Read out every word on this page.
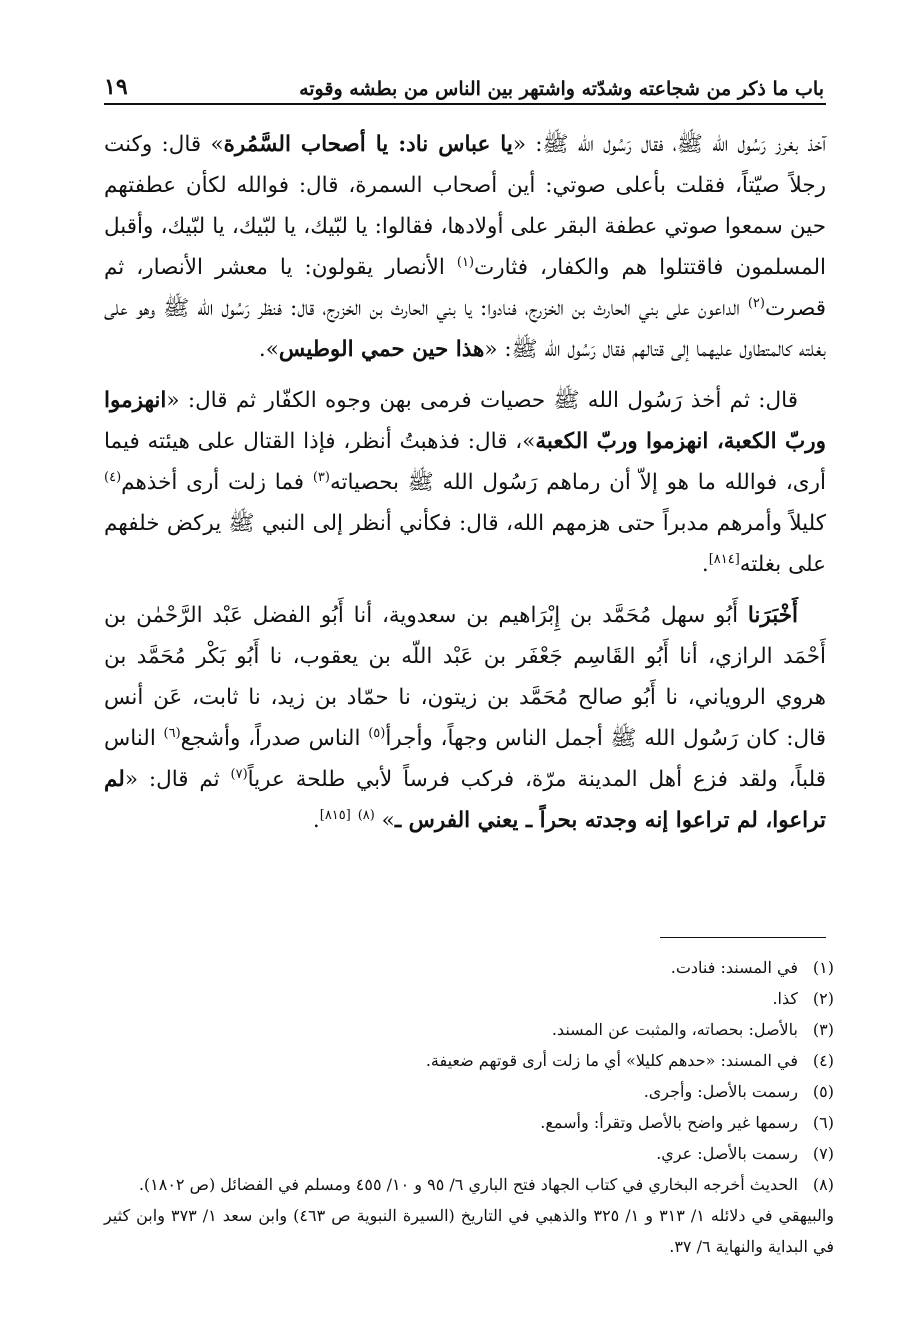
باب ما ذكر من شجاعته وشدّته واشتهر بين الناس من بطشه وقوته
١٩

آخذ بغرز رَسُول الله ﷺ، فقال رَسُول الله ﷺ: «يا عباس ناد: يا أصحاب السَّمُرة» قال: وكنت رجلاً صيّتاً، فقلت بأعلى صوتي: أين أصحاب السمرة، قال: فوالله لكأن عطفتهم حين سمعوا صوتي عطفة البقر على أولادها، فقالوا: يا لبّيك، يا لبّيك، يا لبّيك، وأقبل المسلمون فاقتتلوا هم والكفار، فثارت$^{(١)}$ الأنصار يقولون: يا معشر الأنصار، ثم قصرت$^{(٢)}$ الداعون على بني الحارث بن الخزرج، فنادوا: يا بني الحارث بن الخزرج، قال: فنظر رَسُول الله ﷺ وهو على بغلته كالمتطاول عليهما إلى قتالهم فقال رَسُول الله ﷺ: «هذا حين حمي الوطيس».

قال: ثم أخذ رَسُول الله ﷺ حصيات فرمى بهن وجوه الكفّار ثم قال: «انهزموا وربّ الكعبة، انهزموا وربّ الكعبة»، قال: فذهبتُ أنظر، فإذا القتال على هيئته فيما أرى، فوالله ما هو إلاّ أن رماهم رَسُول الله ﷺ بحصياته$^{(٣)}$ فما زلت أرى أخذهم$^{(٤)}$ كليلاً وأمرهم مدبراً حتى هزمهم الله، قال: فكأني أنظر إلى النبي ﷺ يركض خلفهم على بغلته[٨١٤].

أَخْبَرَنا أَبُو سهل مُحَمَّد بن إِبْرَاهيم بن سعدوية، أنا أَبُو الفضل عَبْد الرَّحْمٰن بن أَحْمَد الرازي، أنا أَبُو القَاسِم جَعْفَر بن عَبْد اللّه بن يعقوب، نا أَبُو بَكْر مُحَمَّد بن هروي الروياني، نا أَبُو صالح مُحَمَّد بن زيتون، نا حمّاد بن زيد، نا ثابت، عَن أنس قال: كان رَسُول الله ﷺ أجمل الناس وجهاً، وأجرأ$^{(٥)}$ الناس صدراً، وأشجع$^{(٦)}$ الناس قلباً، ولقد فزع أهل المدينة مرّة، فركب فرساً لأبي طلحة عرياً$^{(٧)}$ ثم قال: «لم تراعوا، لم تراعوا إنه وجدته بحراً ـ يعني الفرس ـ» $^{(٨)}$ [٨١٥].

(١)
في المسند: فنادت.
(٢)
كذا.
(٣)
بالأصل: بحصاته، والمثبت عن المسند.
(٤)
في المسند: «حدهم كليلا» أي ما زلت أرى قوتهم ضعيفة.
(٥)
رسمت بالأصل: وأجرى.
(٦)
رسمها غير واضح بالأصل وتقرأ: وأسمع.
(٧)
رسمت بالأصل: عري.
(٨)
الحديث أخرجه البخاري في كتاب الجهاد فتح الباري ٦/ ٩٥ و ١٠/ ٤٥٥ ومسلم في الفضائل (ص ١٨٠٢).
والبيهقي في دلائله ١/ ٣١٣ و ١/ ٣٢٥ والذهبي في التاريخ (السيرة النبوية ص ٤٦٣) وابن سعد ١/ ٣٧٣ وابن كثير في البداية والنهاية ٦/ ٣٧.
